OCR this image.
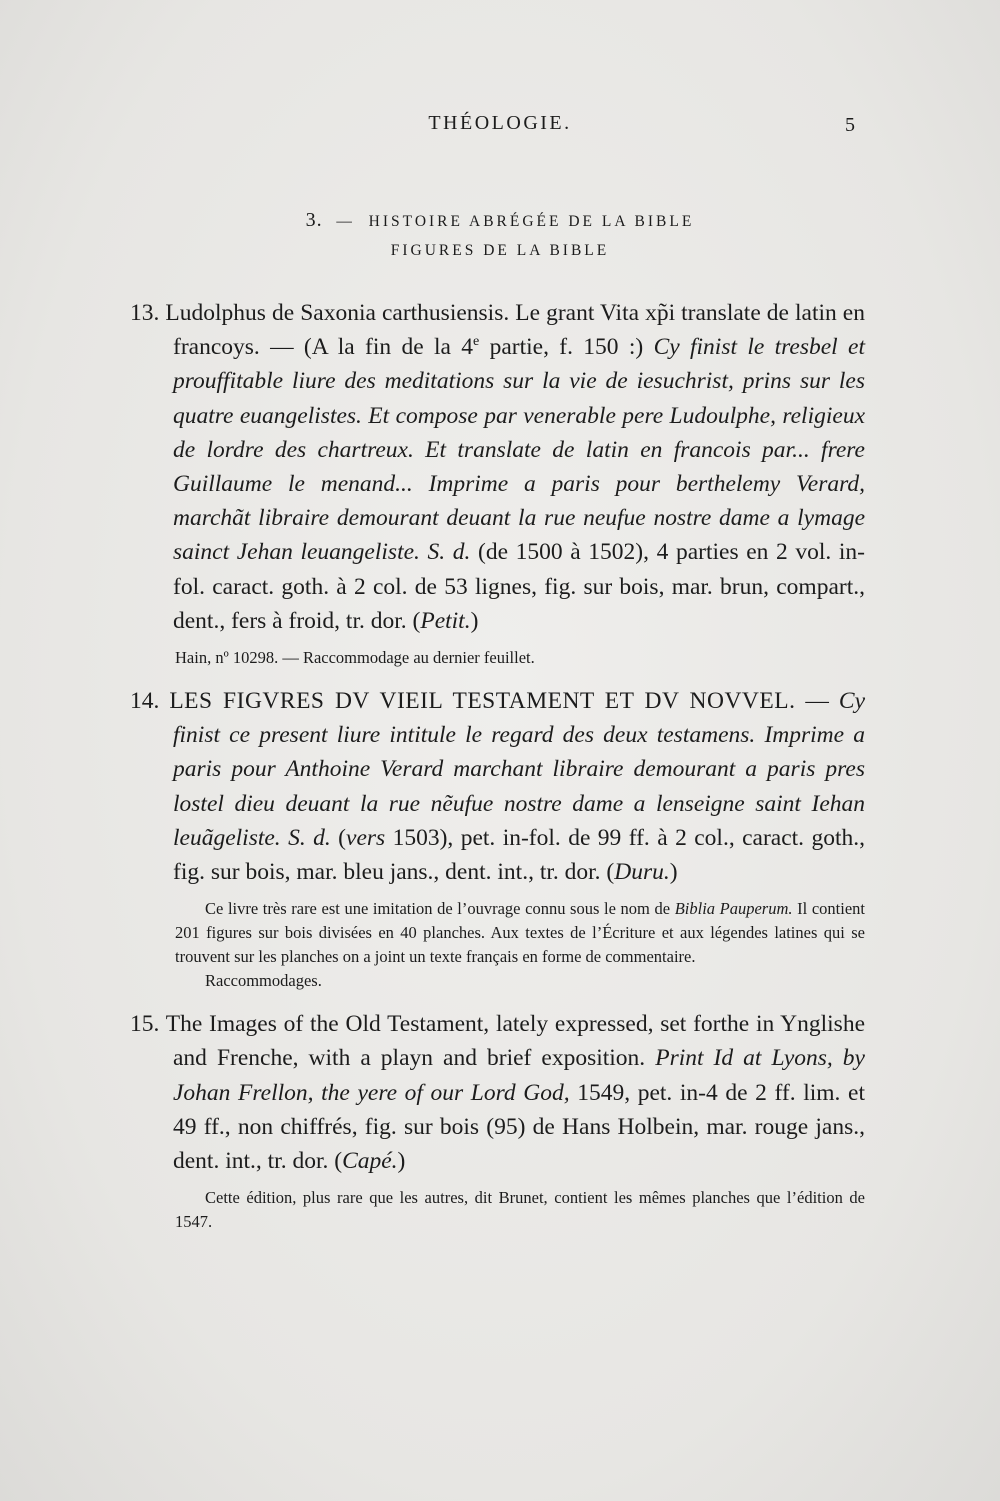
THÉOLOGIE.	5
3. — HISTOIRE ABRÉGÉE DE LA BIBLE
FIGURES DE LA BIBLE
13. Ludolphus de Saxonia carthusiensis. Le grant Vita xp̃i translate de latin en francoys. — (A la fin de la 4e partie, f. 150 :) Cy finist le tresbel et prouffitable liure des meditations sur la vie de iesuchrist, prins sur les quatre euangelistes. Et compose par venerable pere Ludoulphe, religieux de lordre des chartreux. Et translate de latin en francois par... frere Guillaume le menand... Imprime a paris pour berthelemy Verard, marchãt libraire demourant deuant la rue neufue nostre dame a lymage sainct Jehan leuangeliste. S. d. (de 1500 à 1502), 4 parties en 2 vol. in-fol. caract. goth. à 2 col. de 53 lignes, fig. sur bois, mar. brun, compart., dent., fers à froid, tr. dor. (Petit.)

Hain, nº 10298. — Raccommodage au dernier feuillet.

14. LES FIGVRES DV VIEIL TESTAMENT ET DV NOVVEL. — Cy finist ce present liure intitule le regard des deux testamens. Imprime a paris pour Anthoine Verard marchant libraire demourant a paris pres lostel dieu deuant la rue nẽufue nostre dame a lenseigne saint Iehan leuãgeliste. S. d. (vers 1503), pet. in-fol. de 99 ff. à 2 col., caract. goth., fig. sur bois, mar. bleu jans., dent. int., tr. dor. (Duru.)

Ce livre très rare est une imitation de l’ouvrage connu sous le nom de Biblia Pauperum. Il contient 201 figures sur bois divisées en 40 planches. Aux textes de l’Écriture et aux légendes latines qui se trouvent sur les planches on a joint un texte français en forme de commentaire.

Raccommodages.

15. The Images of the Old Testament, lately expressed, set forthe in Ynglishe and Frenche, with a playn and brief exposition. Print Id at Lyons, by Johan Frellon, the yere of our Lord God, 1549, pet. in-4 de 2 ff. lim. et 49 ff., non chiffrés, fig. sur bois (95) de Hans Holbein, mar. rouge jans., dent. int., tr. dor. (Capé.)

Cette édition, plus rare que les autres, dit Brunet, contient les mêmes planches que l’édition de 1547.
